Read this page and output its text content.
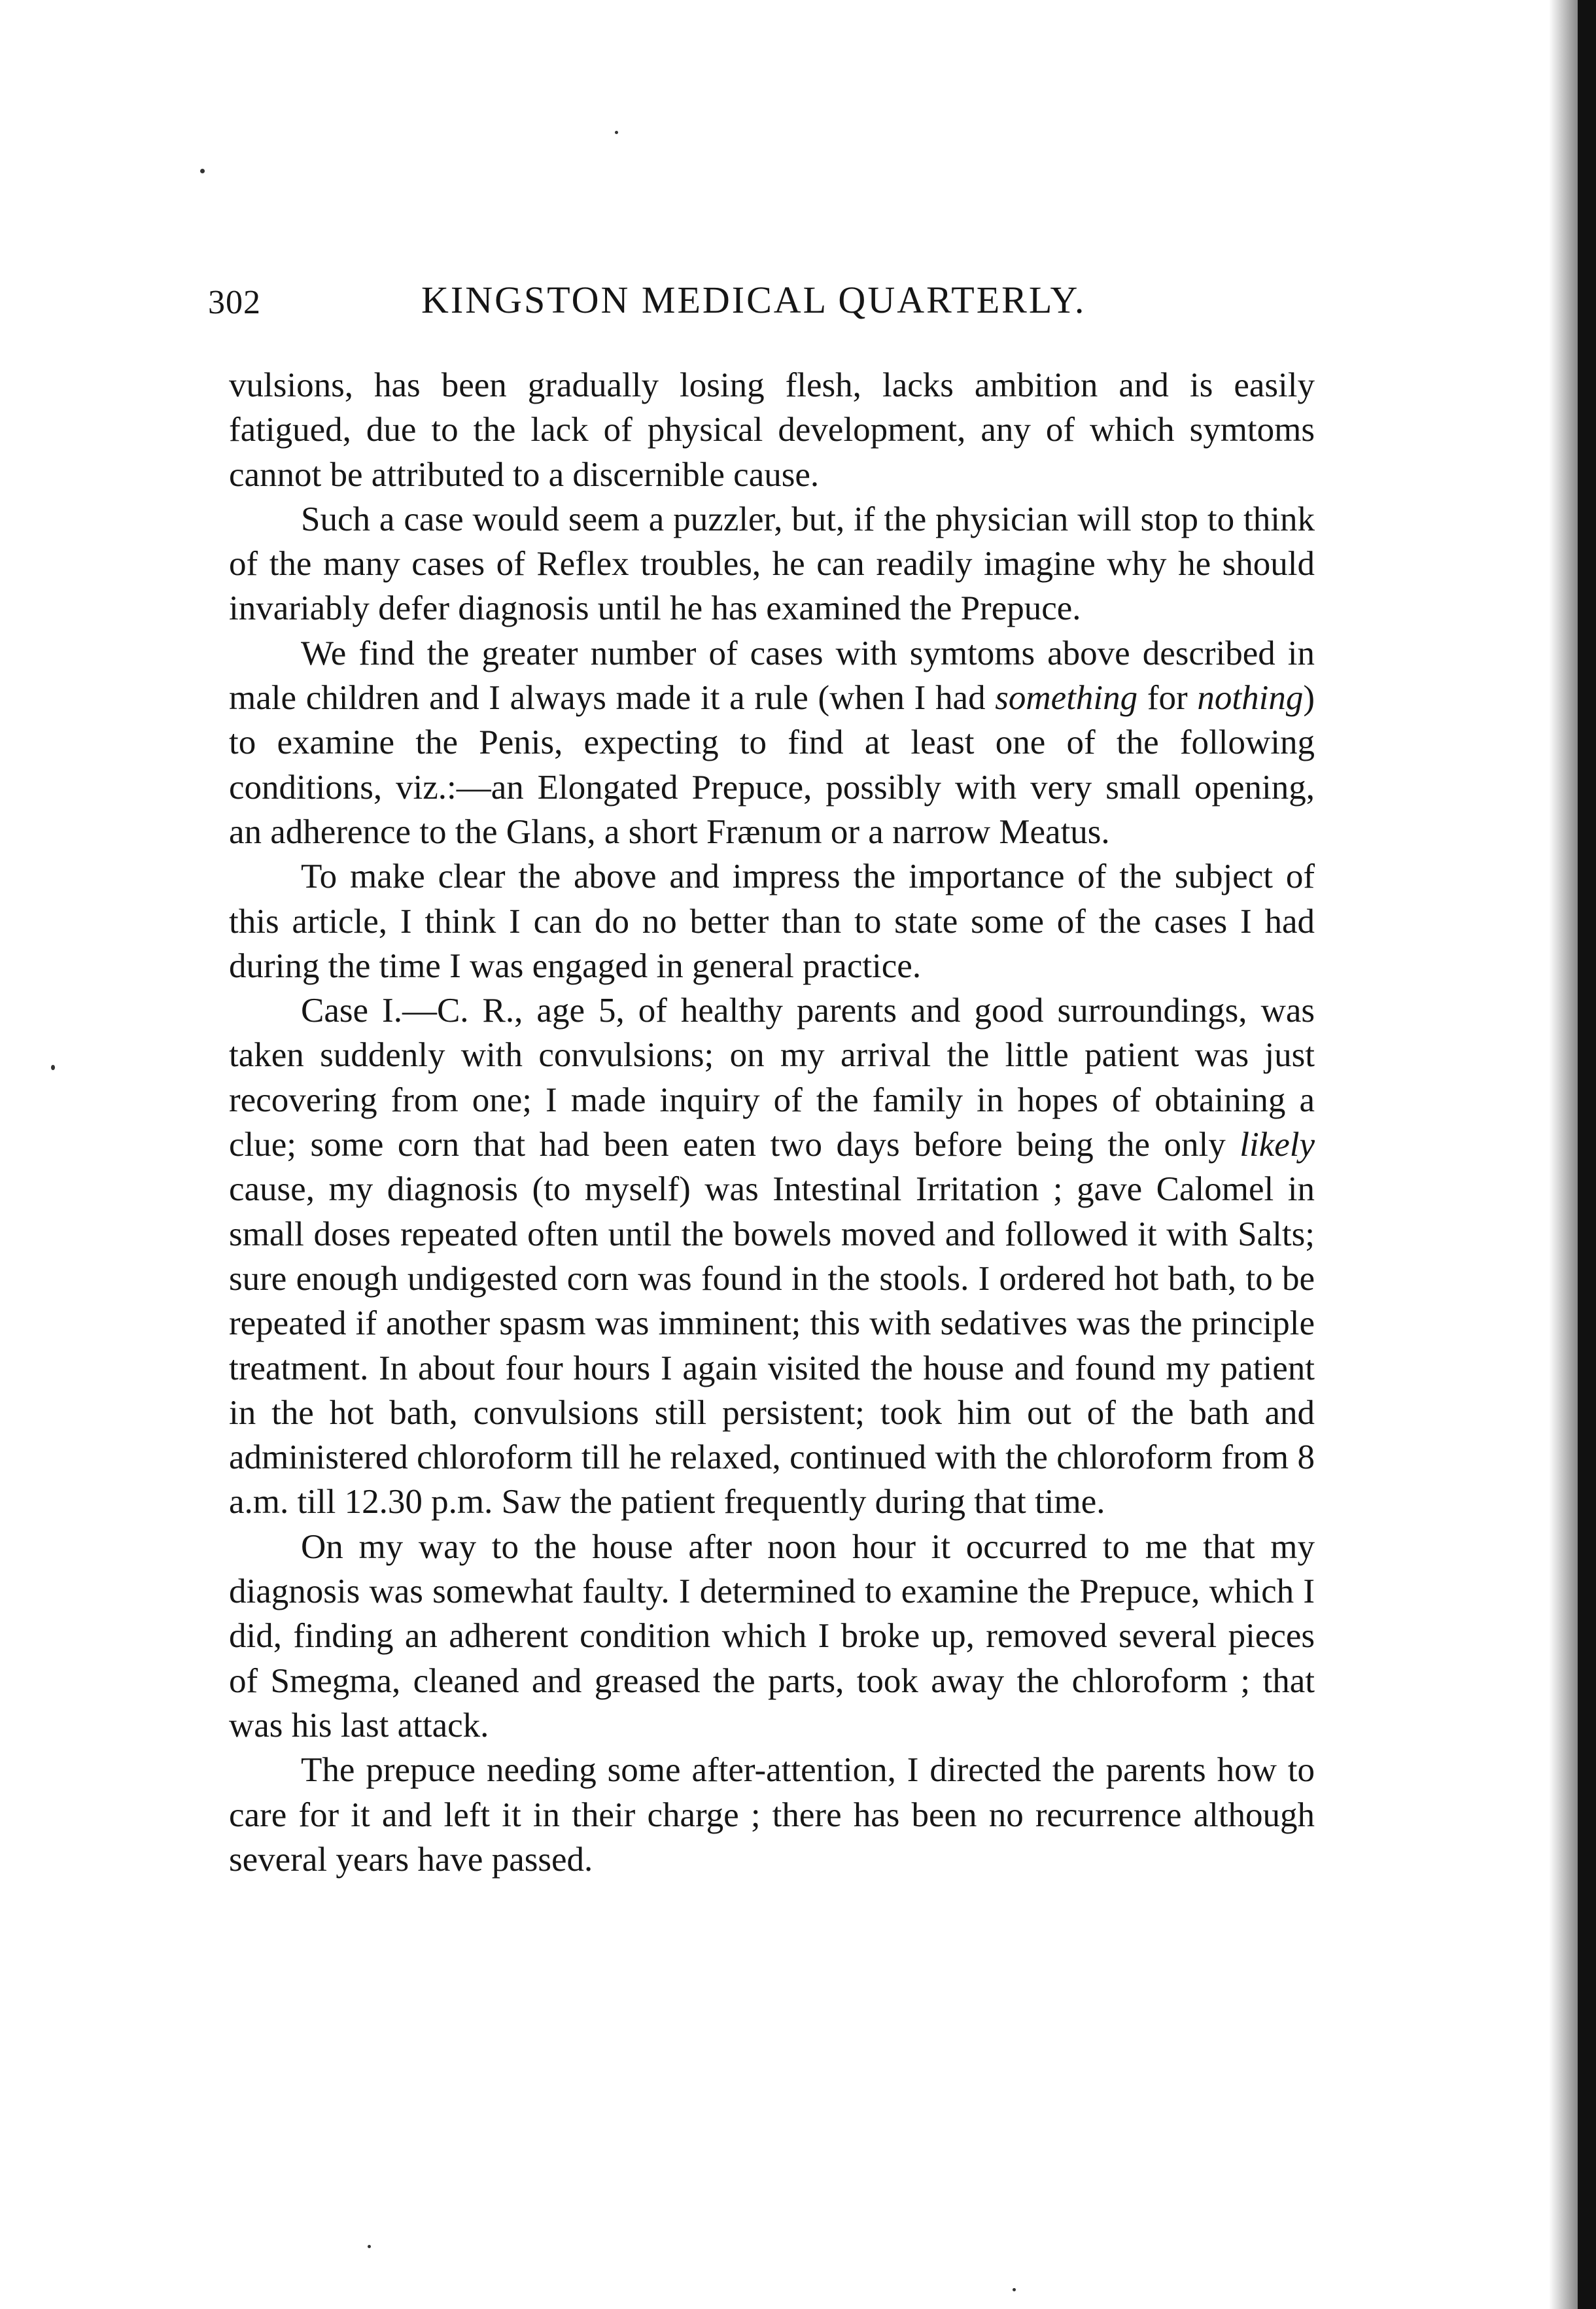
302	KINGSTON MEDICAL QUARTERLY.

vulsions, has been gradually losing flesh, lacks ambition and is easily fatigued, due to the lack of physical development, any of which symtoms cannot be attributed to a discernible cause.

Such a case would seem a puzzler, but, if the physician will stop to think of the many cases of Reflex troubles, he can readily imagine why he should invariably defer diagnosis until he has examined the Prepuce.

We find the greater number of cases with symtoms above described in male children and I always made it a rule (when I had something for nothing) to examine the Penis, expecting to find at least one of the following conditions, viz.:—an Elongated Prepuce, possibly with very small opening, an adherence to the Glans, a short Frænum or a narrow Meatus.

To make clear the above and impress the importance of the subject of this article, I think I can do no better than to state some of the cases I had during the time I was engaged in general practice.

Case I.—C. R., age 5, of healthy parents and good surroundings, was taken suddenly with convulsions; on my arrival the little patient was just recovering from one; I made inquiry of the family in hopes of obtaining a clue; some corn that had been eaten two days before being the only likely cause, my diagnosis (to myself) was Intestinal Irritation ; gave Calomel in small doses repeated often until the bowels moved and followed it with Salts; sure enough undigested corn was found in the stools. I ordered hot bath, to be repeated if another spasm was imminent; this with sedatives was the principle treatment. In about four hours I again visited the house and found my patient in the hot bath, convulsions still persistent; took him out of the bath and administered chloroform till he relaxed, continued with the chloroform from 8 a.m. till 12.30 p.m. Saw the patient frequently during that time.

On my way to the house after noon hour it occurred to me that my diagnosis was somewhat faulty. I determined to examine the Prepuce, which I did, finding an adherent condition which I broke up, removed several pieces of Smegma, cleaned and greased the parts, took away the chloroform ; that was his last attack.

The prepuce needing some after-attention, I directed the parents how to care for it and left it in their charge ; there has been no recurrence although several years have passed.
